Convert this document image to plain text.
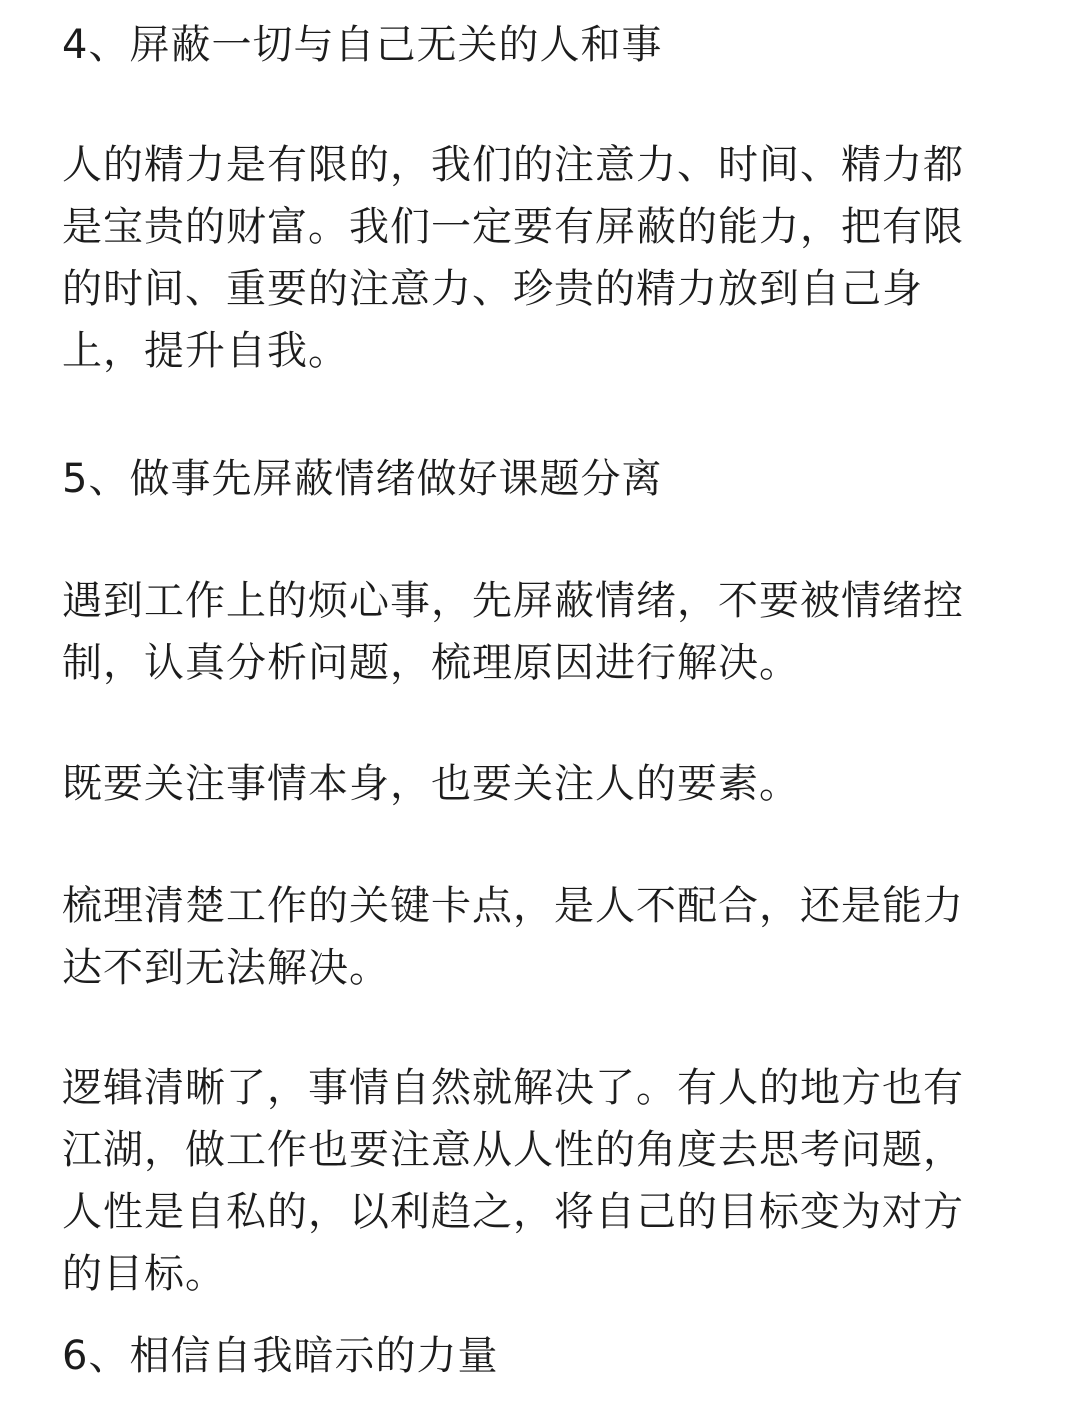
4、屏蔽一切与自己无关的人和事
人的精力是有限的，我们的注意力、时间、精力都
是宝贵的财富。我们一定要有屏蔽的能力，把有限
的时间、重要的注意力、珍贵的精力放到自己身
上，提升自我。
5、做事先屏蔽情绪做好课题分离
遇到工作上的烦心事，先屏蔽情绪，不要被情绪控
制，认真分析问题，梳理原因进行解决。
既要关注事情本身，也要关注人的要素。
梳理清楚工作的关键卡点，是人不配合，还是能力
达不到无法解决。
逻辑清晰了，事情自然就解决了。有人的地方也有
江湖，做工作也要注意从人性的角度去思考问题，
人性是自私的，以利趋之，将自己的目标变为对方
的目标。
6、相信自我暗示的力量
